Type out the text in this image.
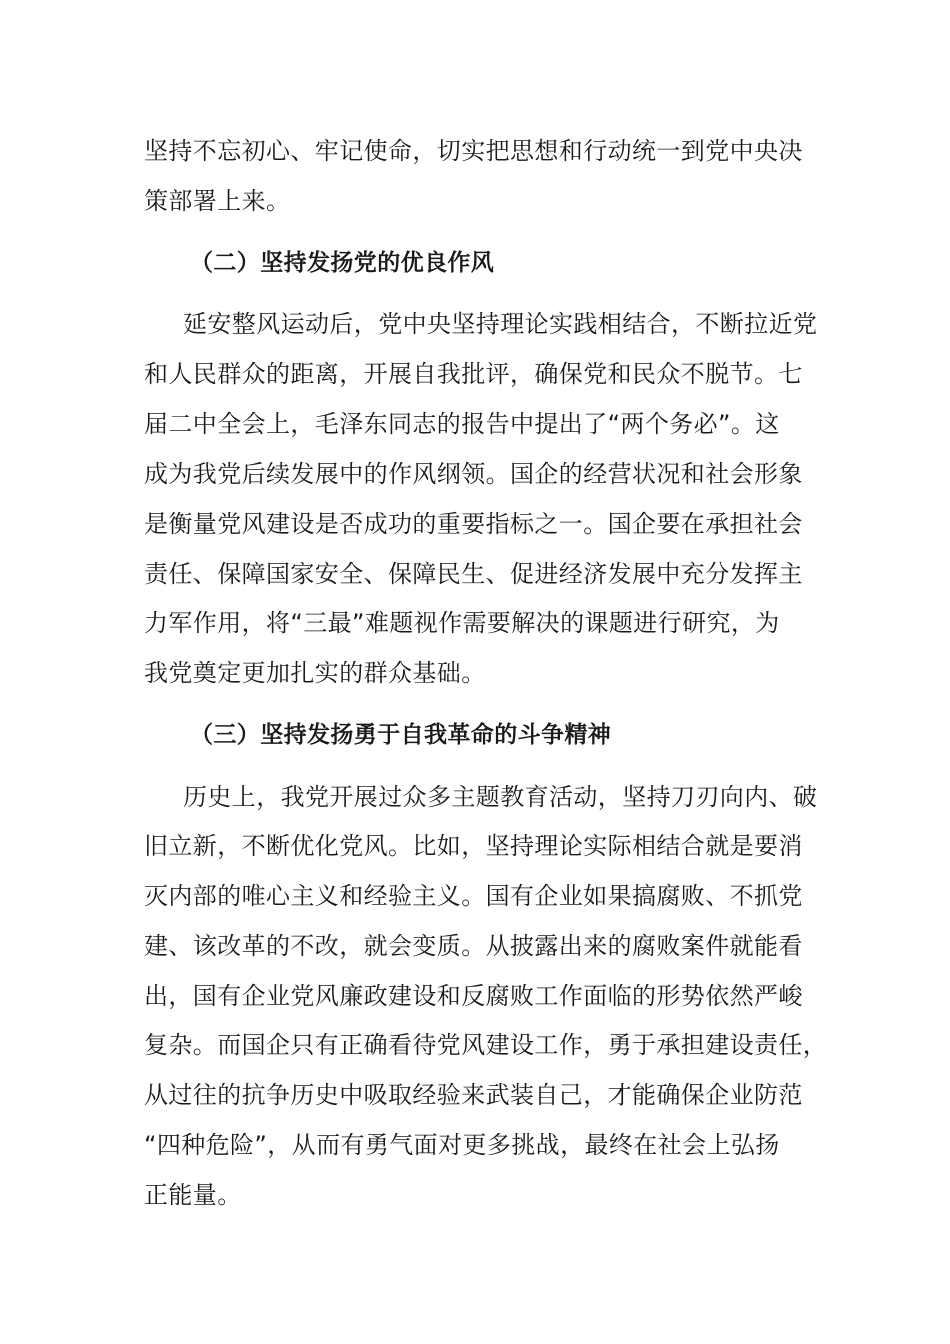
坚持不忘初心、牢记使命，切实把思想和行动统一到党中央决
策部署上来。
（二）坚持发扬党的优良作风
延安整风运动后，党中央坚持理论实践相结合，不断拉近党
和人民群众的距离，开展自我批评，确保党和民众不脱节。七
届二中全会上，毛泽东同志的报告中提出了“两个务必”。这
成为我党后续发展中的作风纲领。国企的经营状况和社会形象
是衡量党风建设是否成功的重要指标之一。国企要在承担社会
责任、保障国家安全、保障民生、促进经济发展中充分发挥主
力军作用，将“三最”难题视作需要解决的课题进行研究，为
我党奠定更加扎实的群众基础。
（三）坚持发扬勇于自我革命的斗争精神
历史上，我党开展过众多主题教育活动，坚持刀刃向内、破
旧立新，不断优化党风。比如，坚持理论实际相结合就是要消
灭内部的唯心主义和经验主义。国有企业如果搞腐败、不抓党
建、该改革的不改，就会变质。从披露出来的腐败案件就能看
出，国有企业党风廉政建设和反腐败工作面临的形势依然严峻
复杂。而国企只有正确看待党风建设工作，勇于承担建设责任，
从过往的抗争历史中吸取经验来武装自己，才能确保企业防范
“四种危险”，从而有勇气面对更多挑战，最终在社会上弘扬
正能量。
